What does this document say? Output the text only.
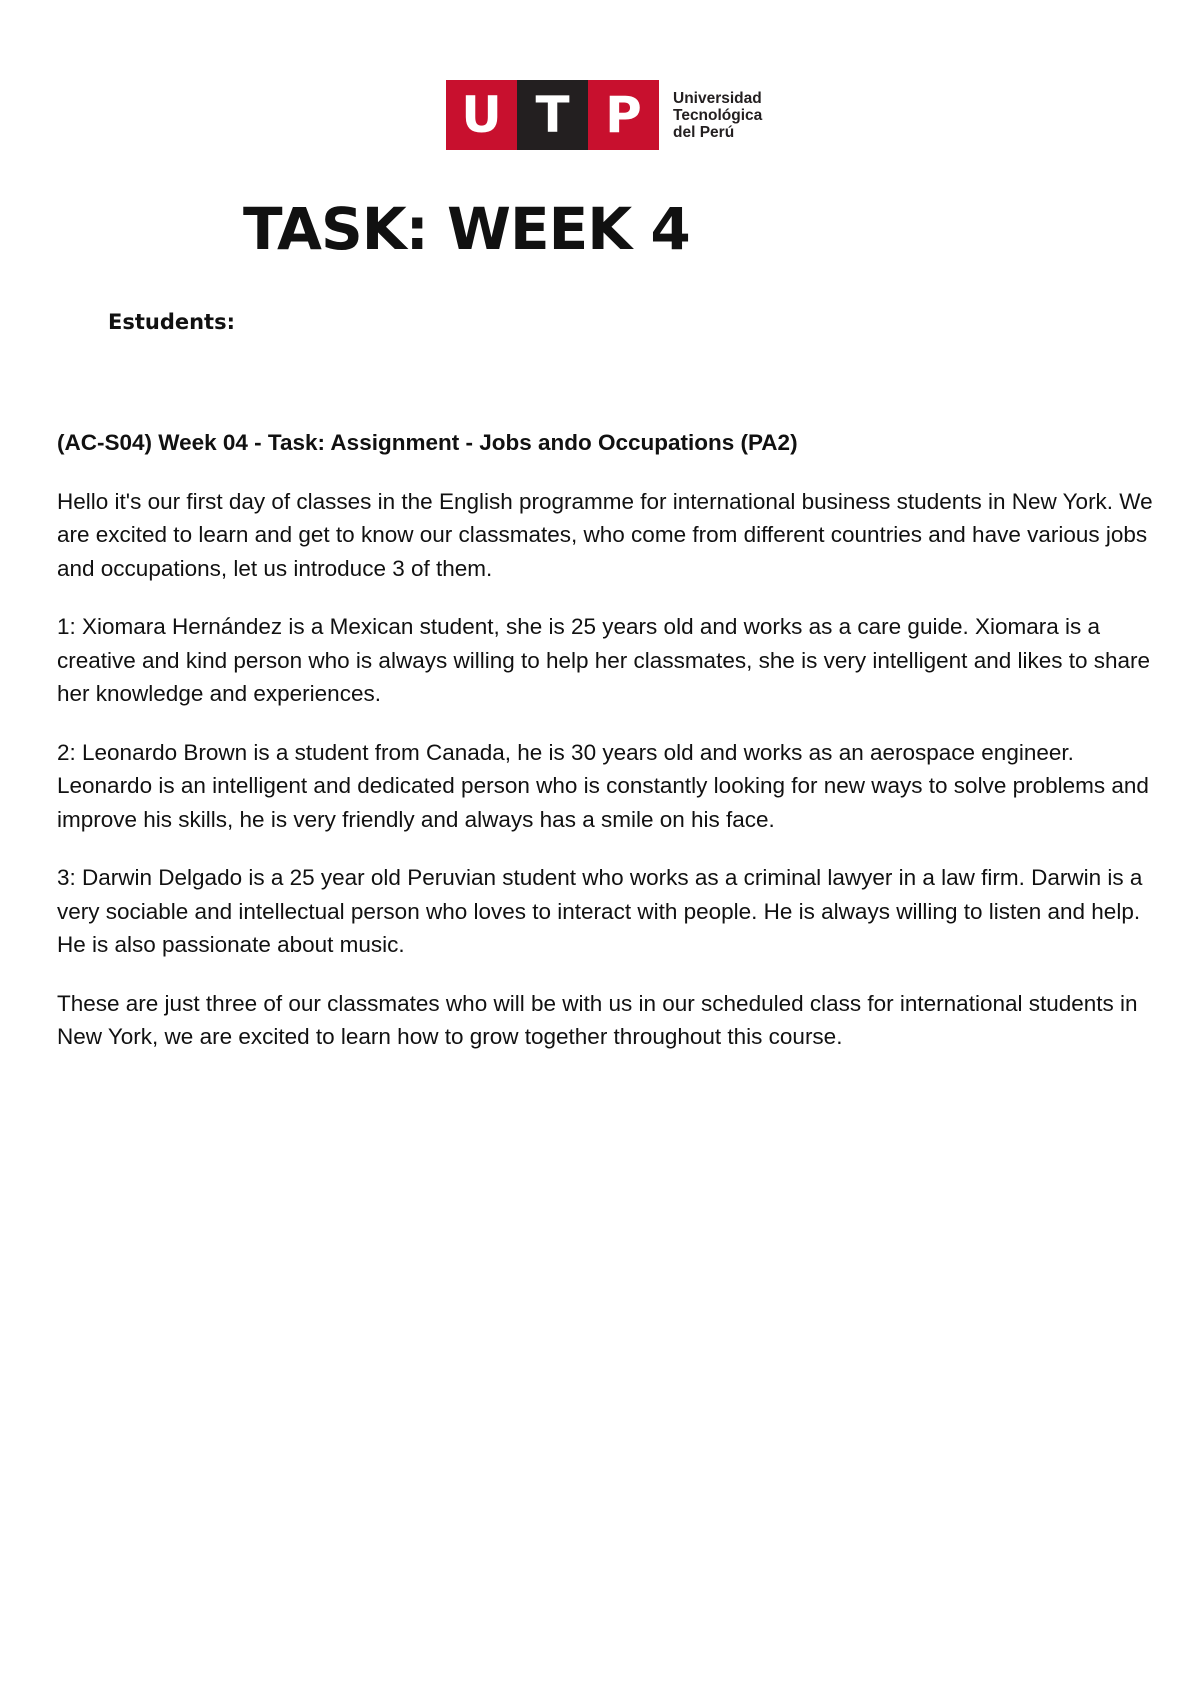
U T P	Universidad
Tecnológica
del Perú
TASK: WEEK 4
Estudents:
(AC-S04) Week 04 - Task: Assignment - Jobs ando Occupations (PA2)

Hello it's our first day of classes in the English programme for international business students in New York. We are excited to learn and get to know our classmates, who come from different countries and have various jobs and occupations, let us introduce 3 of them.

1: Xiomara Hernández is a Mexican student, she is 25 years old and works as a care guide. Xiomara is a creative and kind person who is always willing to help her classmates, she is very intelligent and likes to share her knowledge and experiences.

2: Leonardo Brown is a student from Canada, he is 30 years old and works as an aerospace engineer. Leonardo is an intelligent and dedicated person who is constantly looking for new ways to solve problems and improve his skills, he is very friendly and always has a smile on his face.

3: Darwin Delgado is a 25 year old Peruvian student who works as a criminal lawyer in a law firm. Darwin is a very sociable and intellectual person who loves to interact with people. He is always willing to listen and help. He is also passionate about music.

These are just three of our classmates who will be with us in our scheduled class for international students in New York, we are excited to learn how to grow together throughout this course.
